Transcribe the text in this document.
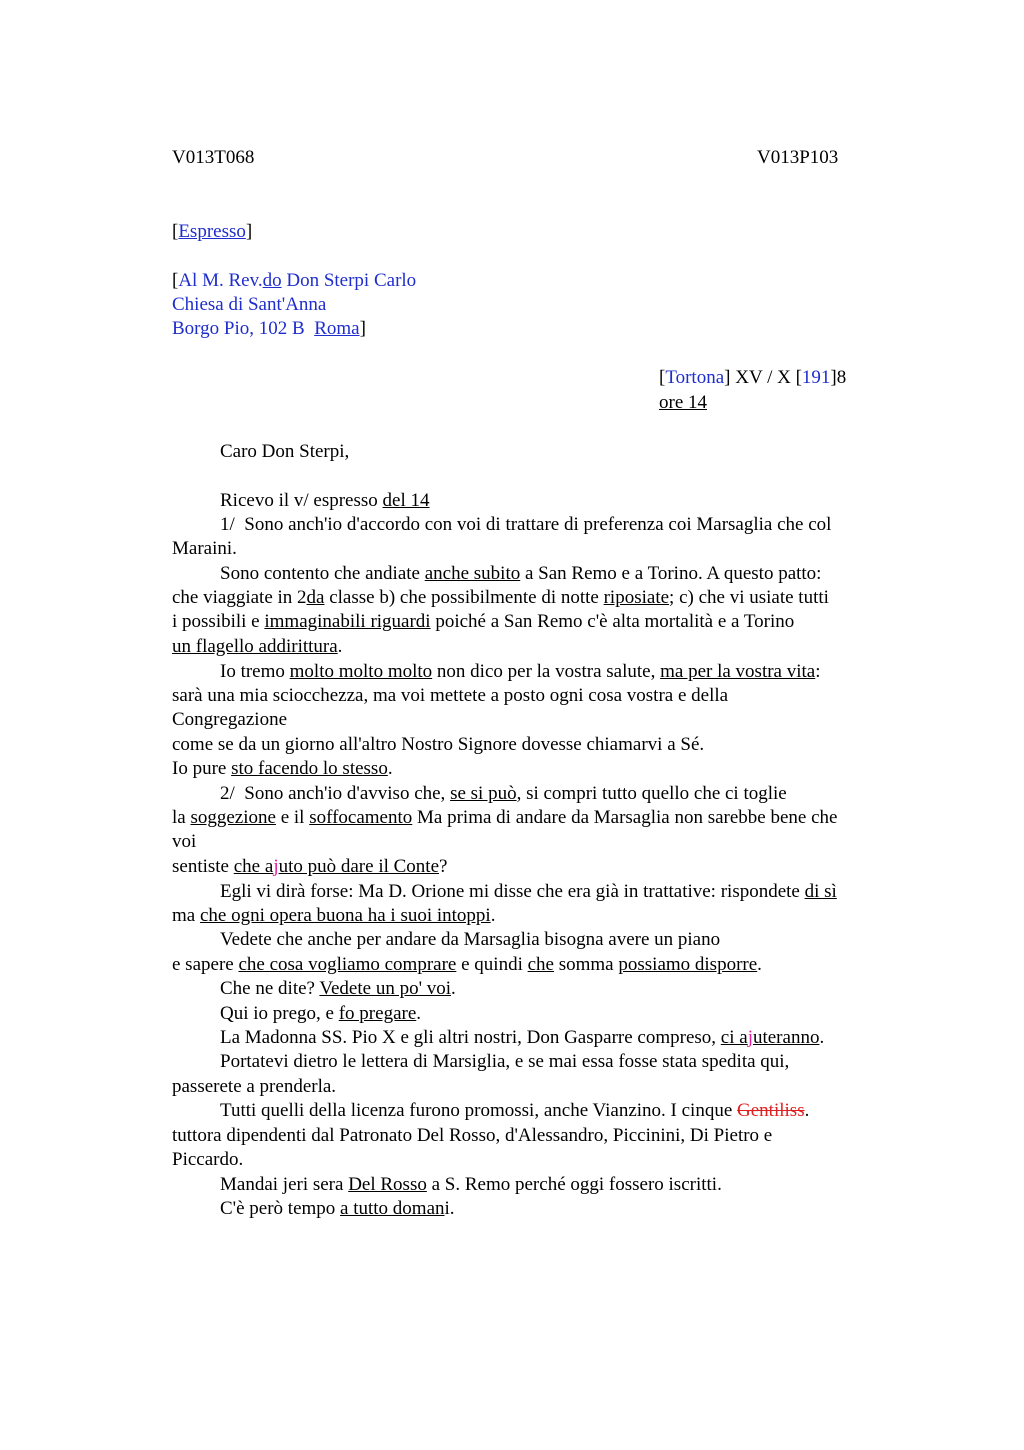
V013T068	V013P103
[Espresso]
[Al M. Rev.do Don Sterpi Carlo
Chiesa di Sant'Anna
Borgo Pio, 102 B  Roma]
[Tortona] XV / X [191]8
ore 14
Caro Don Sterpi,
Ricevo il v/ espresso del 14
1/  Sono anch'io d'accordo con voi di trattare di preferenza coi Marsaglia che col
Maraini.
Sono contento che andiate anche subito a San Remo e a Torino. A questo patto:
che viaggiate in 2da classe b) che possibilmente di notte riposiate; c) che vi usiate tutti
i possibili e immaginabili riguardi poiché a San Remo c'è alta mortalità e a Torino
un flagello addirittura.
Io tremo molto molto molto non dico per la vostra salute, ma per la vostra vita:
sarà una mia sciocchezza, ma voi mettete a posto ogni cosa vostra e della
Congregazione
come se da un giorno all'altro Nostro Signore dovesse chiamarvi a Sé.
Io pure sto facendo lo stesso.
2/  Sono anch'io d'avviso che, se si può, si compri tutto quello che ci toglie
la soggezione e il soffocamento Ma prima di andare da Marsaglia non sarebbe bene che
voi
sentiste che ajuto può dare il Conte?
Egli vi dirà forse: Ma D. Orione mi disse che era già in trattative: rispondete di sì
ma che ogni opera buona ha i suoi intoppi.
Vedete che anche per andare da Marsaglia bisogna avere un piano
e sapere che cosa vogliamo comprare e quindi che somma possiamo disporre.
Che ne dite? Vedete un po' voi.
Qui io prego, e fo pregare.
La Madonna SS. Pio X e gli altri nostri, Don Gasparre compreso, ci ajuteranno.
Portatevi dietro le lettera di Marsiglia, e se mai essa fosse stata spedita qui,
passerete a prenderla.
Tutti quelli della licenza furono promossi, anche Vianzino. I cinque Gentiliss.
tuttora dipendenti dal Patronato Del Rosso, d'Alessandro, Piccinini, Di Pietro e
Piccardo.
Mandai jeri sera Del Rosso a S. Remo perché oggi fossero iscritti.
C'è però tempo a tutto domani.
